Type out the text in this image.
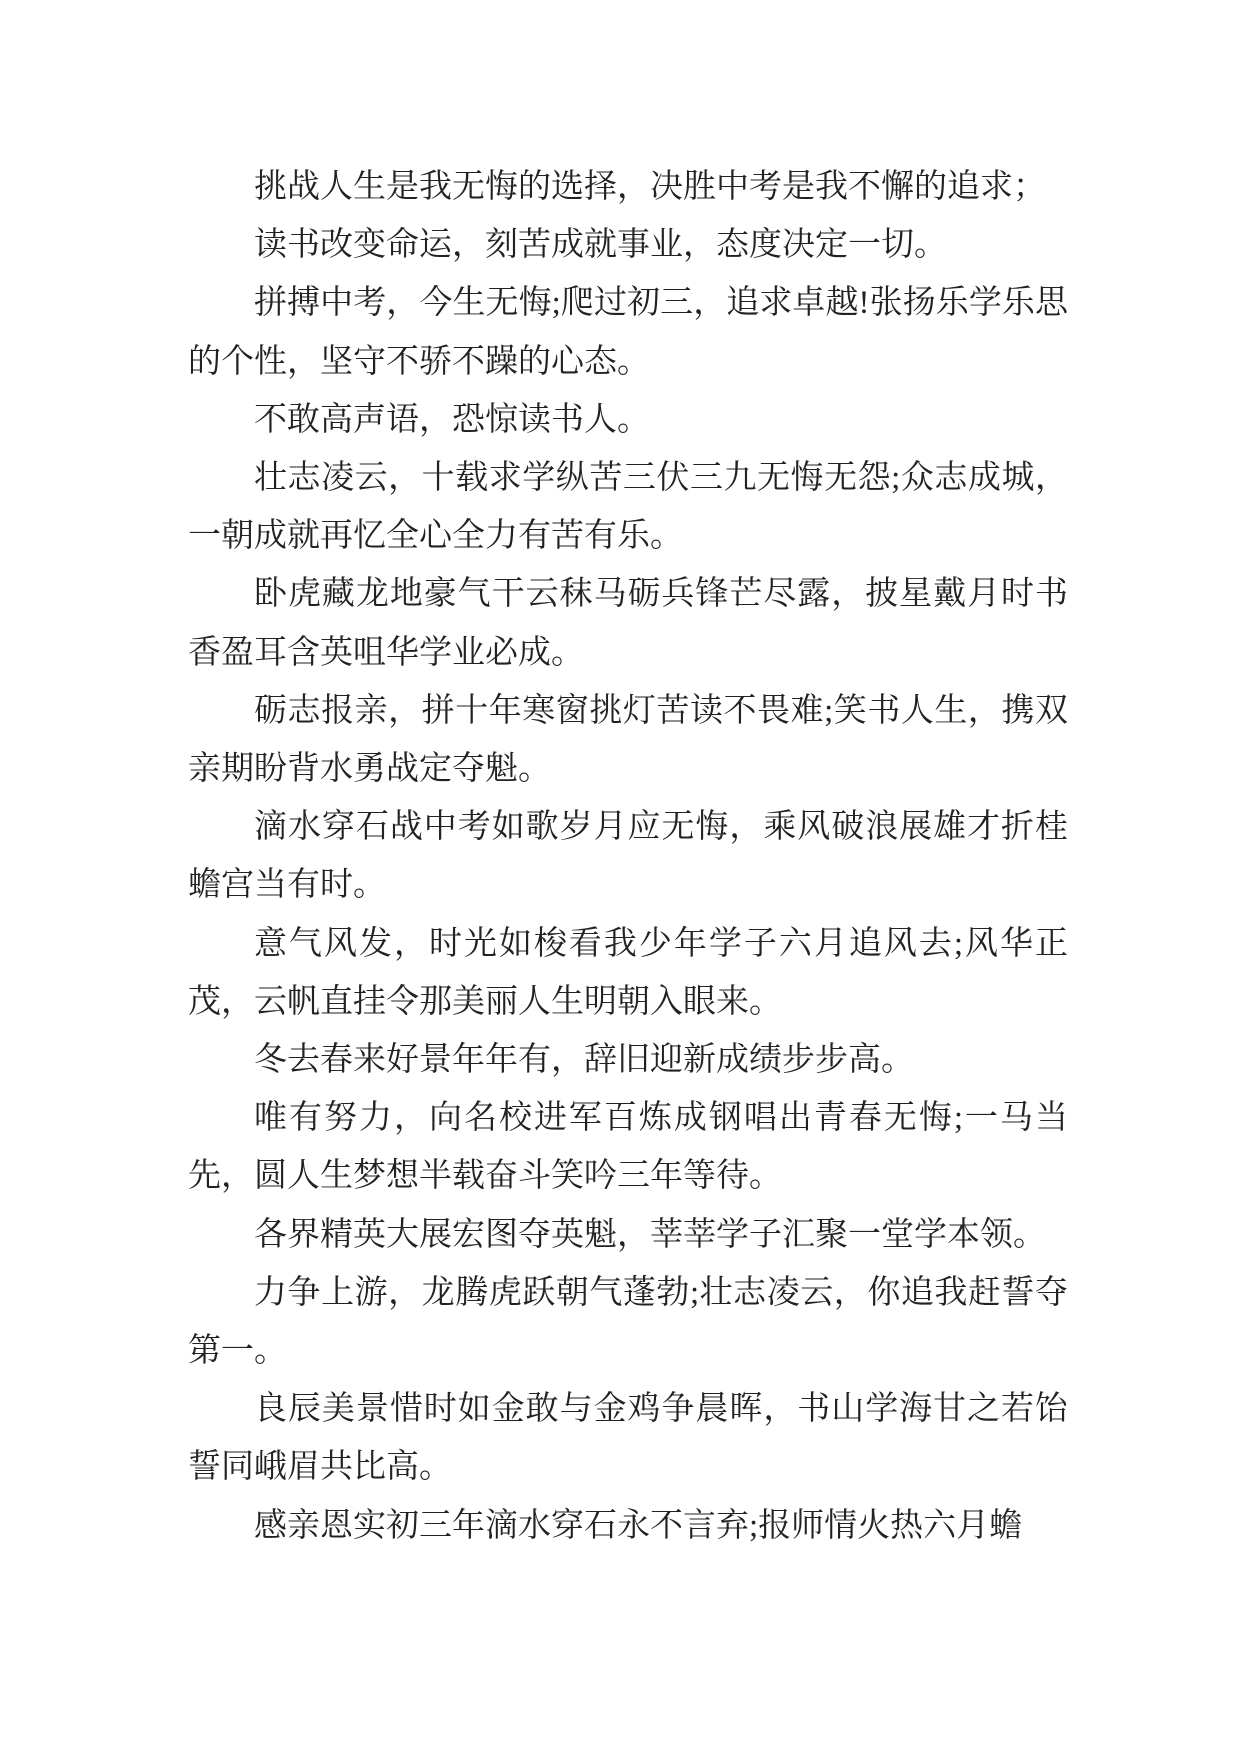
挑战人生是我无悔的选择，决胜中考是我不懈的追求；

读书改变命运，刻苦成就事业，态度决定一切。

拼搏中考，今生无悔;爬过初三，追求卓越!张扬乐学乐思的个性，坚守不骄不躁的心态。

不敢高声语，恐惊读书人。

壮志凌云，十载求学纵苦三伏三九无悔无怨;众志成城，一朝成就再忆全心全力有苦有乐。

卧虎藏龙地豪气干云秣马砺兵锋芒尽露，披星戴月时书香盈耳含英咀华学业必成。

砺志报亲，拼十年寒窗挑灯苦读不畏难;笑书人生，携双亲期盼背水勇战定夺魁。

滴水穿石战中考如歌岁月应无悔，乘风破浪展雄才折桂蟾宫当有时。

意气风发，时光如梭看我少年学子六月追风去;风华正茂，云帆直挂令那美丽人生明朝入眼来。

冬去春来好景年年有，辞旧迎新成绩步步高。

唯有努力，向名校进军百炼成钢唱出青春无悔;一马当先，圆人生梦想半载奋斗笑吟三年等待。

各界精英大展宏图夺英魁，莘莘学子汇聚一堂学本领。

力争上游，龙腾虎跃朝气蓬勃;壮志凌云，你追我赶誓夺第一。

良辰美景惜时如金敢与金鸡争晨晖，书山学海甘之若饴誓同峨眉共比高。

感亲恩实初三年滴水穿石永不言弃;报师情火热六月蟾
